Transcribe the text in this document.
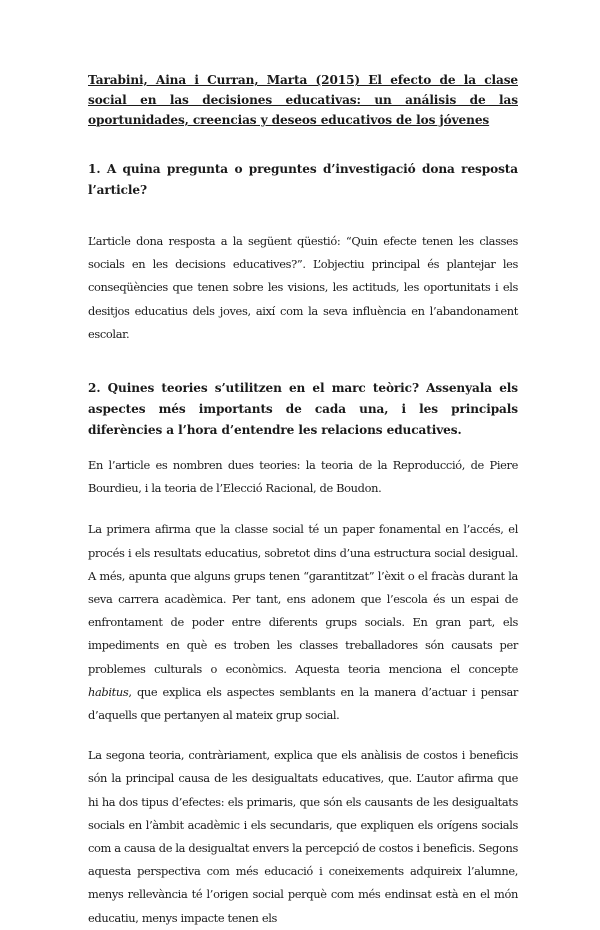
Tarabini, Aina i Curran, Marta (2015) El efecto de la clase social en las decisiones educativas: un análisis de las oportunidades, creencias y deseos educativos de los jóvenes

1. A quina pregunta o preguntes d’investigació dona resposta l’article?

L’article dona resposta a la següent qüestió: “Quin efecte tenen les classes socials en les decisions educatives?”. L’objectiu principal és plantejar les conseqüències que tenen sobre les visions, les actituds, les oportunitats i els desitjos educatius dels joves, així com la seva influència en l’abandonament escolar.

2. Quines teories s’utilitzen en el marc teòric? Assenyala els aspectes més importants de cada una, i les principals diferències a l’hora d’entendre les relacions educatives.

En l’article es nombren dues teories: la teoria de la Reproducció, de Piere Bourdieu, i la teoria de l’Elecció Racional, de Boudon.

La primera afirma que la classe social té un paper fonamental en l’accés, el procés i els resultats educatius, sobretot dins d’una estructura social desigual. A més, apunta que alguns grups tenen “garantitzat” l’èxit o el fracàs durant la seva carrera acadèmica. Per tant, ens adonem que l’escola és un espai de enfrontament de poder entre diferents grups socials. En gran part, els impediments en què es troben les classes treballadores són causats per problemes culturals o econòmics. Aquesta teoria menciona el concepte habitus, que explica els aspectes semblants en la manera d’actuar i pensar d’aquells que pertanyen al mateix grup social.

La segona teoria, contràriament, explica que els anàlisis de costos i beneficis són la principal causa de les desigualtats educatives, que. L’autor afirma que hi ha dos tipus d’efectes: els primaris, que són els causants de les desigualtats socials en l’àmbit acadèmic i els secundaris, que expliquen els orígens socials com a causa de la desigualtat envers la percepció de costos i beneficis. Segons aquesta perspectiva com més educació i coneixements adquireix l’alumne, menys rellevància té l’origen social perquè com més endinsat està en el món educatiu, menys impacte tenen els
